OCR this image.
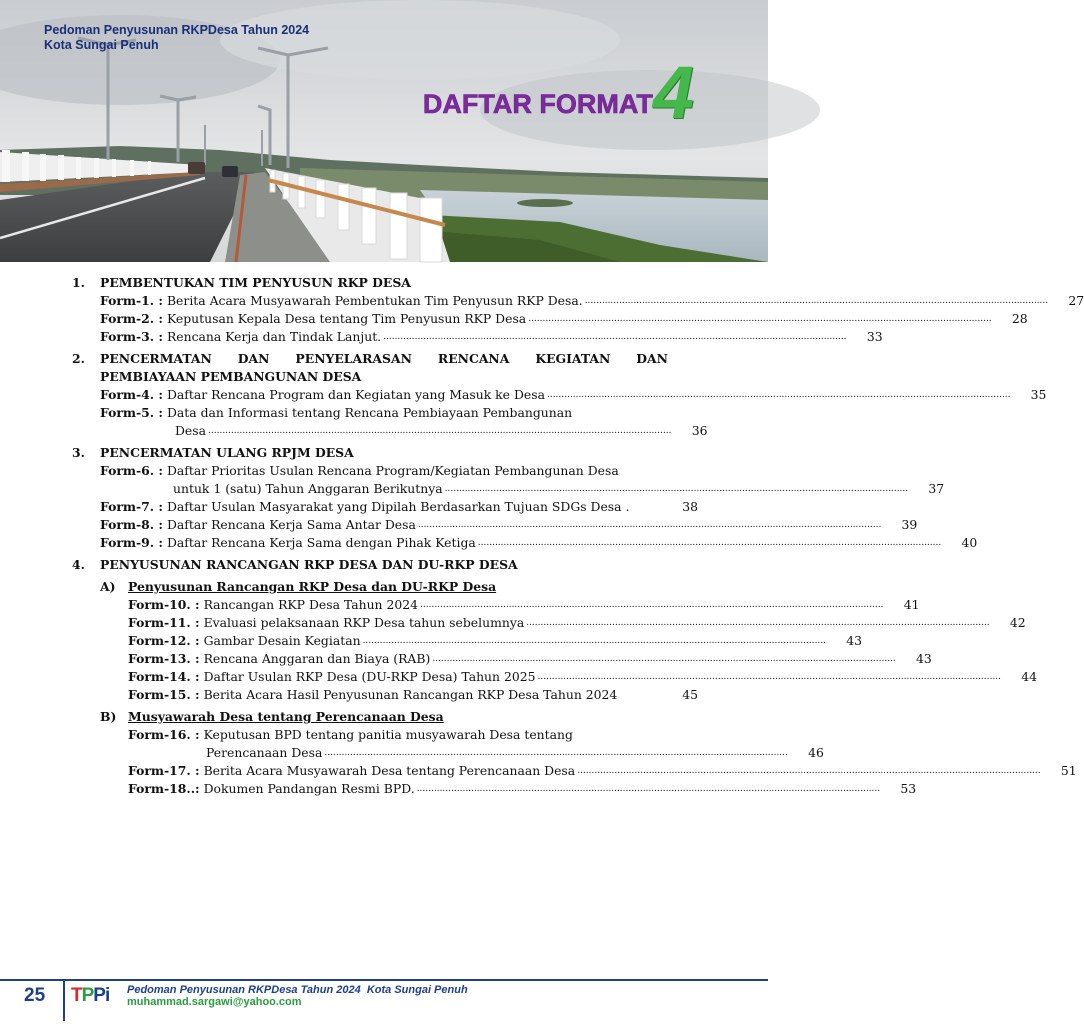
Pedoman Penyusunan RKPDesa Tahun 2024
Kota Sungai Penuh
DAFTAR FORMAT 4
1.	PEMBENTUKAN TIM PENYUSUN RKP DESA
Form-1. :
Berita Acara Musyawarah Pembentukan Tim Penyusun RKP Desa. ..................................................................................................................................................................	27
Form-2. :
Keputusan Kepala Desa tentang Tim Penyusun RKP Desa ..................................................................................................................................................................	28
Form-3. :
Rencana Kerja dan Tindak Lanjut. ..................................................................................................................................................................	33
2.	PENCERMATAN DAN PENYELARASAN RENCANA KEGIATAN DAN
PEMBIAYAAN PEMBANGUNAN DESA
Form-4. :
Daftar Rencana Program dan Kegiatan yang Masuk ke Desa ..................................................................................................................................................................	35
Form-5. :
Data dan Informasi tentang Rencana Pembiayaan Pembangunan
Desa ..................................................................................................................................................................	36
3.	PENCERMATAN ULANG RPJM DESA
Form-6. :
Daftar Prioritas Usulan Rencana Program/Kegiatan Pembangunan Desa
untuk 1 (satu) Tahun Anggaran Berikutnya ..................................................................................................................................................................	37
Form-7. :
Daftar Usulan Masyarakat yang Dipilah Berdasarkan Tujuan SDGs Desa .	38
Form-8. :
Daftar Rencana Kerja Sama Antar Desa ..................................................................................................................................................................	39
Form-9. :
Daftar Rencana Kerja Sama dengan Pihak Ketiga ..................................................................................................................................................................	40
4.	PENYUSUNAN RANCANGAN RKP DESA DAN DU-RKP DESA
A)	Penyusunan Rancangan RKP Desa dan DU-RKP Desa
Form-10. :
Rancangan RKP Desa Tahun 2024 ..................................................................................................................................................................	41
Form-11. :
Evaluasi pelaksanaan RKP Desa tahun sebelumnya ..................................................................................................................................................................	42
Form-12. :
Gambar Desain Kegiatan ..................................................................................................................................................................	43
Form-13. :
Rencana Anggaran dan Biaya (RAB) ..................................................................................................................................................................	43
Form-14. :
Daftar Usulan RKP Desa (DU-RKP Desa) Tahun 2025 ..................................................................................................................................................................	44
Form-15. :
Berita Acara Hasil Penyusunan Rancangan RKP Desa Tahun 2024	45
B) Musyawarah Desa tentang Perencanaan Desa
Form-16. :
Keputusan BPD tentang panitia musyawarah Desa tentang
Perencanaan Desa ..................................................................................................................................................................	46
Form-17. :
Berita Acara Musyawarah Desa tentang Perencanaan Desa ..................................................................................................................................................................	51
Form-18..:
Dokumen Pandangan Resmi BPD. ..................................................................................................................................................................	53
25 TPPi Pedoman Penyusunan RKPDesa Tahun 2024  Kota Sungai Penuh
muhammad.sargawi@yahoo.com
